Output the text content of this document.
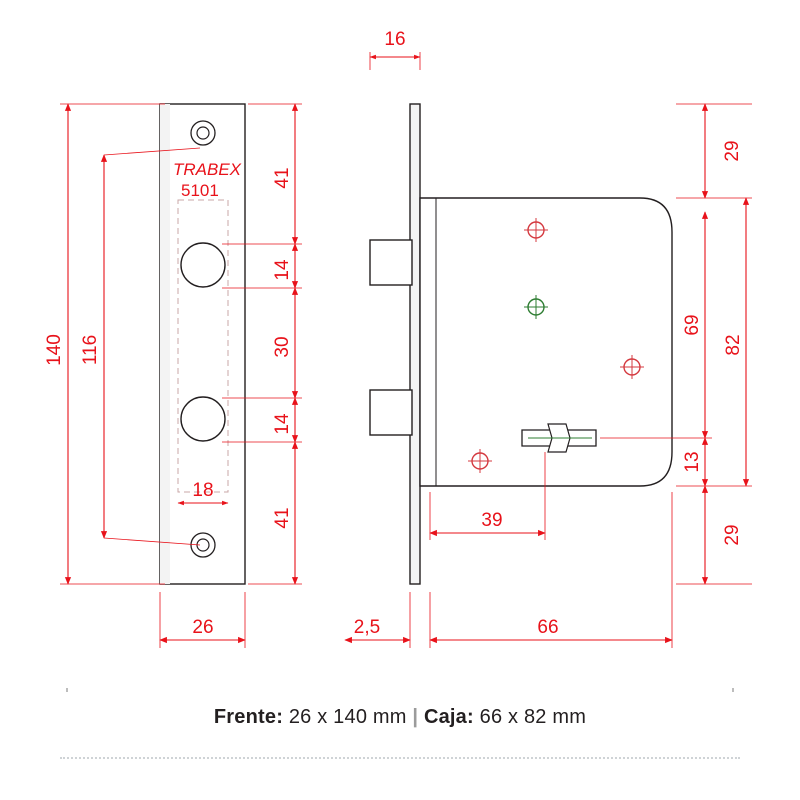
TRABEX
5101
140 116
41
14
30
14
41
18
26
16
29
69
82
13
29
39
2,5	66
Frente: 26 x 140 mm | Caja: 66 x 82 mm
